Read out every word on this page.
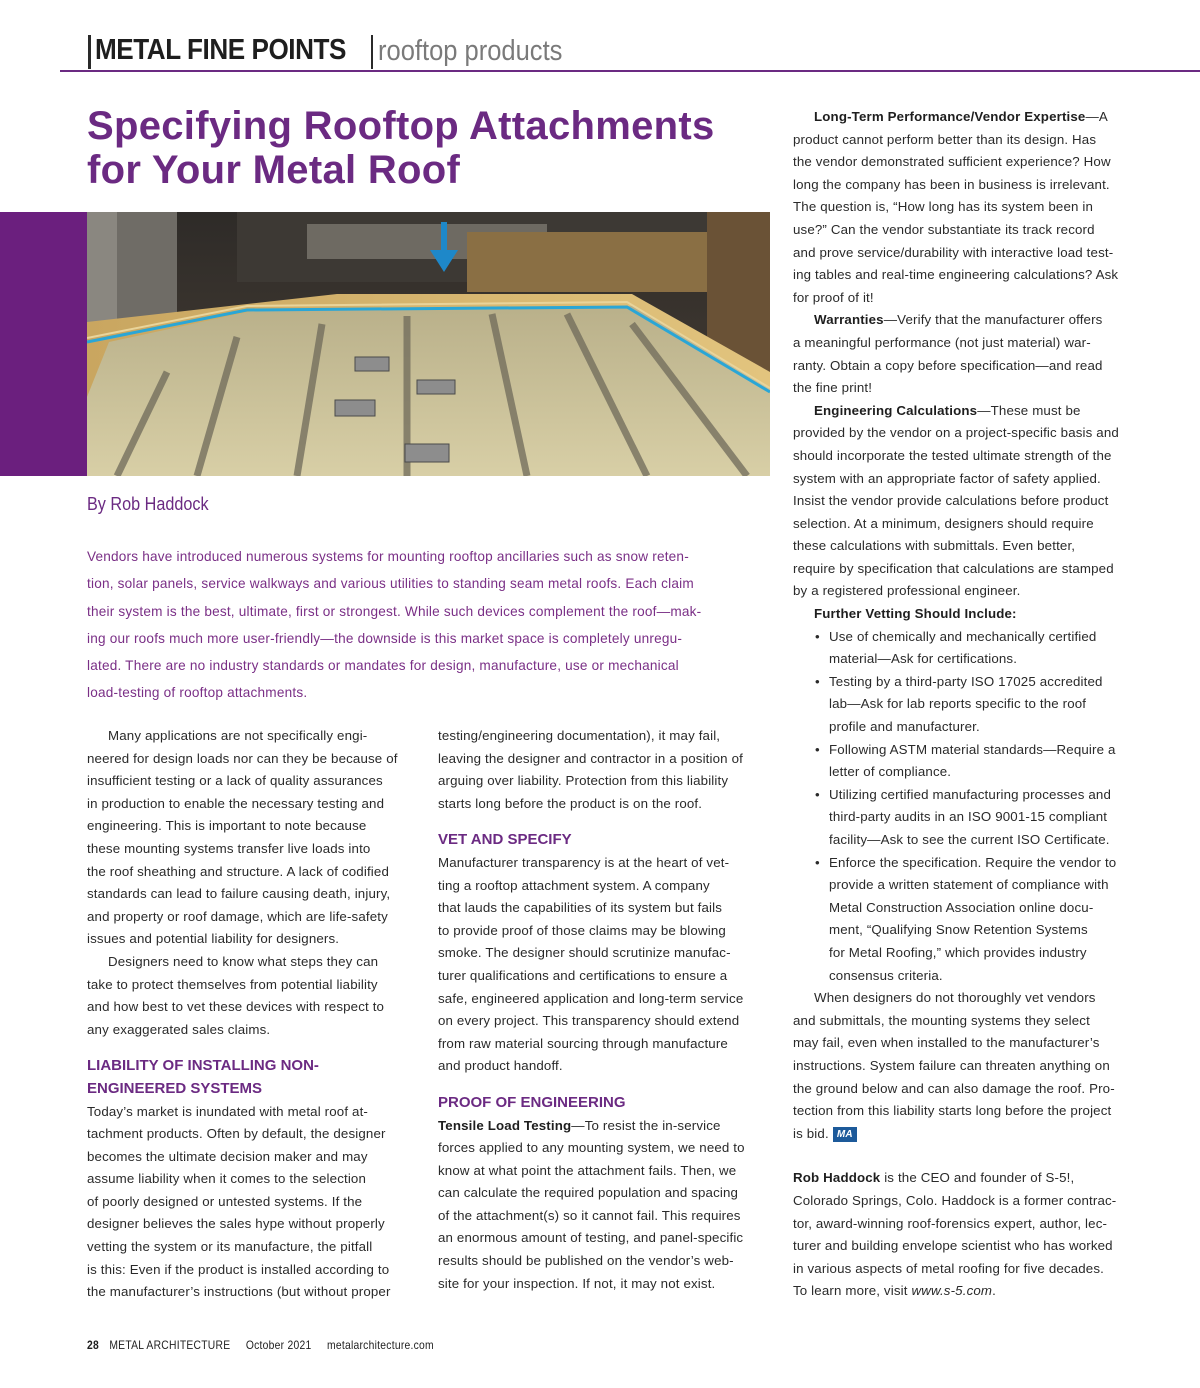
METAL FINE POINTS rooftop products
Specifying Rooftop Attachments
for Your Metal Roof
By Rob Haddock
Vendors have introduced numerous systems for mounting rooftop ancillaries such as snow reten-
tion, solar panels, service walkways and various utilities to standing seam metal roofs. Each claim
their system is the best, ultimate, first or strongest. While such devices complement the roof—mak-
ing our roofs much more user-friendly—the downside is this market space is completely unregu-
lated. There are no industry standards or mandates for design, manufacture, use or mechanical
load-testing of rooftop attachments.
Many applications are not specifically engi-
neered for design loads nor can they be because of
insufficient testing or a lack of quality assurances
in production to enable the necessary testing and
engineering. This is important to note because
these mounting systems transfer live loads into
the roof sheathing and structure. A lack of codified
standards can lead to failure causing death, injury,
and property or roof damage, which are life-safety
issues and potential liability for designers.
Designers need to know what steps they can
take to protect themselves from potential liability
and how best to vet these devices with respect to
any exaggerated sales claims.
LIABILITY OF INSTALLING NON-
ENGINEERED SYSTEMS
Today’s market is inundated with metal roof at-
tachment products. Often by default, the designer
becomes the ultimate decision maker and may
assume liability when it comes to the selection
of poorly designed or untested systems. If the
designer believes the sales hype without properly
vetting the system or its manufacture, the pitfall
is this: Even if the product is installed according to
the manufacturer’s instructions (but without proper
testing/engineering documentation), it may fail,
leaving the designer and contractor in a position of
arguing over liability. Protection from this liability
starts long before the product is on the roof.
VET AND SPECIFY
Manufacturer transparency is at the heart of vet-
ting a rooftop attachment system. A company
that lauds the capabilities of its system but fails
to provide proof of those claims may be blowing
smoke. The designer should scrutinize manufac-
turer qualifications and certifications to ensure a
safe, engineered application and long-term service
on every project. This transparency should extend
from raw material sourcing through manufacture
and product handoff.
PROOF OF ENGINEERING
Tensile Load Testing—To resist the in-service
forces applied to any mounting system, we need to
know at what point the attachment fails. Then, we
can calculate the required population and spacing
of the attachment(s) so it cannot fail. This requires
an enormous amount of testing, and panel-specific
results should be published on the vendor’s web-
site for your inspection. If not, it may not exist.
Long-Term Performance/Vendor Expertise—A
product cannot perform better than its design. Has
the vendor demonstrated sufficient experience? How
long the company has been in business is irrelevant.
The question is, “How long has its system been in
use?” Can the vendor substantiate its track record
and prove service/durability with interactive load test-
ing tables and real-time engineering calculations? Ask
for proof of it!
Warranties—Verify that the manufacturer offers
a meaningful performance (not just material) war-
ranty. Obtain a copy before specification—and read
the fine print!
Engineering Calculations—These must be
provided by the vendor on a project-specific basis and
should incorporate the tested ultimate strength of the
system with an appropriate factor of safety applied.
Insist the vendor provide calculations before product
selection. At a minimum, designers should require
these calculations with submittals. Even better,
require by specification that calculations are stamped
by a registered professional engineer.
Further Vetting Should Include:
• Use of chemically and mechanically certified
material—Ask for certifications.
• Testing by a third-party ISO 17025 accredited
lab—Ask for lab reports specific to the roof
profile and manufacturer.
• Following ASTM material standards—Require a
letter of compliance.
• Utilizing certified manufacturing processes and
third-party audits in an ISO 9001-15 compliant
facility—Ask to see the current ISO Certificate.
• Enforce the specification. Require the vendor to
provide a written statement of compliance with
Metal Construction Association online docu-
ment, “Qualifying Snow Retention Systems
for Metal Roofing,” which provides industry
consensus criteria.
When designers do not thoroughly vet vendors
and submittals, the mounting systems they select
may fail, even when installed to the manufacturer’s
instructions. System failure can threaten anything on
the ground below and can also damage the roof. Pro-
tection from this liability starts long before the project
is bid. MA
Rob Haddock is the CEO and founder of S-5!,
Colorado Springs, Colo. Haddock is a former contrac-
tor, award-winning roof-forensics expert, author, lec-
turer and building envelope scientist who has worked
in various aspects of metal roofing for five decades.
To learn more, visit www.s-5.com.
28 METAL ARCHITECTURE October 2021 metalarchitecture.com
